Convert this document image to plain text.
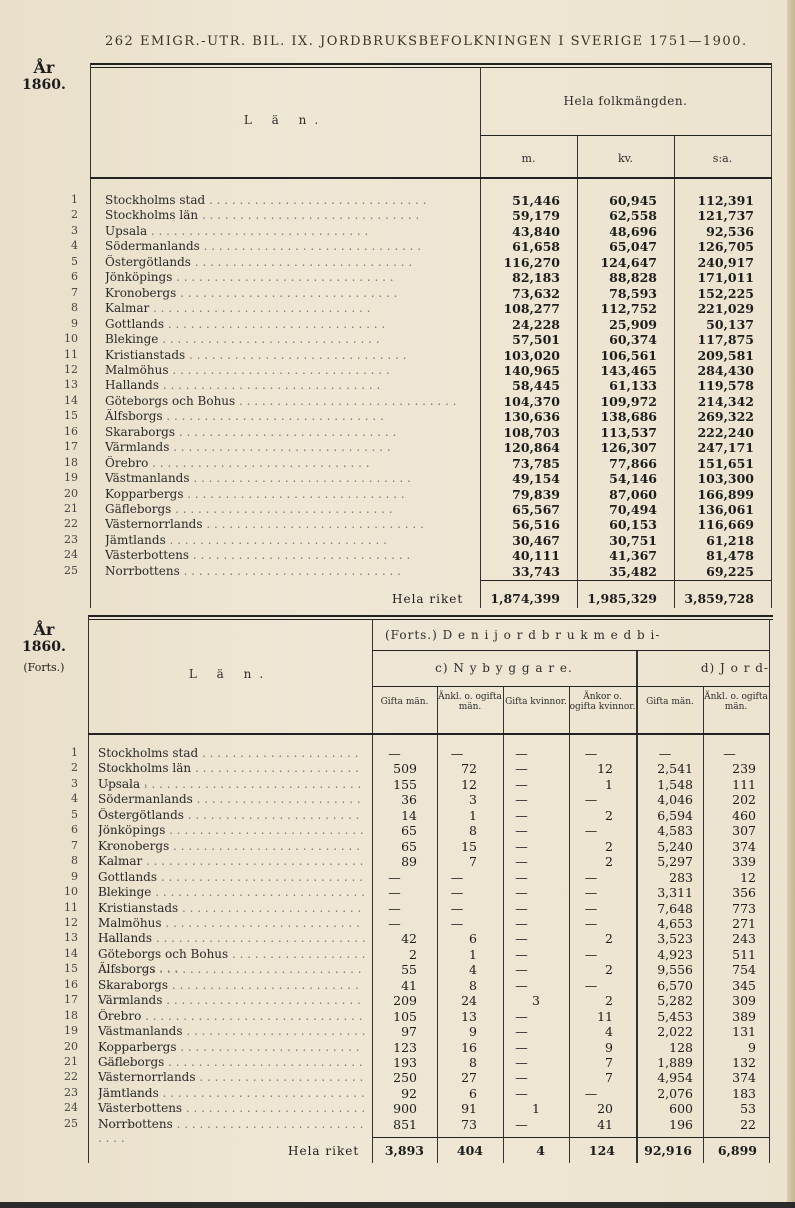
262 EMIGR.-UTR. BIL. IX. JORDBRUKSBEFOLKNINGEN I SVERIGE 1751—1900.
År
1860.
L ä n.
Hela folkmängden.
m.	kv.	s:a.
1 Stockholms stad . . .	51,446	60,945	112,391
2 Stockholms län . . .	59,179	62,558	121,737
3 Upsala . . .	43,840	48,696	92,536
4 Södermanlands . . .	61,658	65,047	126,705
5 Östergötlands . . .	116,270	124,647	240,917
6 Jönköpings . . .	82,183	88,828	171,011
7 Kronobergs . . .	73,632	78,593	152,225
8 Kalmar . . .	108,277	112,752	221,029
9 Gottlands . . .	24,228	25,909	50,137
10 Blekinge . . .	57,501	60,374	117,875
11 Kristianstads . . .	103,020	106,561	209,581
12 Malmöhus . . .	140,965	143,465	284,430
13 Hallands . . .	58,445	61,133	119,578
14 Göteborgs och Bohus . . .	104,370	109,972	214,342
15 Älfsborgs . . .	130,636	138,686	269,322
16 Skaraborgs . . .	108,703	113,537	222,240
17 Värmlands . . .	120,864	126,307	247,171
18 Örebro . . .	73,785	77,866	151,651
19 Västmanlands . . .	49,154	54,146	103,300
20 Kopparbergs . . .	79,839	87,060	166,899
21 Gäfleborgs . . .	65,567	70,494	136,061
22 Västernorrlands . . .	56,516	60,153	116,669
23 Jämtlands . . .	30,467	30,751	61,218
24 Västerbottens . . .	40,111	41,367	81,478
25 Norrbottens . . .	33,743	35,482	69,225
Hela riket	1,874,399	1,985,329	3,859,728
År
1860.
(Forts.)	L ä n.
(Forts.) D e n i j o r d b r u k m e d b i-
c) N y b y g g a r e.	d) J o r d-
Gifta män.	Änkl. o. ogifta män.	Gifta kvinnor.	Änkor o. ogifta kvinnor.	Gifta män.	Änkl. o. ogifta män.
1 Stockholms stad . . .	—	—	—	—	—	—
2 Stockholms län . . .	509	72	—	12	2,541	239
3 Upsala . . .	155	12	—	1	1,548	111
4 Södermanlands . . .	36	3	—	—	4,046	202
5 Östergötlands . . .	14	1	—	2	6,594	460
6 Jönköpings . . .	65	8	—	—	4,583	307
7 Kronobergs . . .	65	15	—	2	5,240	374
8 Kalmar . . .	89	7	—	2	5,297	339
9 Gottlands . . .	—	—	—	—	283	12
10 Blekinge . . .	—	—	—	—	3,311	356
11 Kristianstads . . .	—	—	—	—	7,648	773
12 Malmöhus . . .	—	—	—	—	4,653	271
13 Hallands . . .	42	6	—	2	3,523	243
14 Göteborgs och Bohus . . .	2	1	—	—	4,923	511
15 Älfsborgs . . .	55	4	—	2	9,556	754
16 Skaraborgs . . .	41	8	—	—	6,570	345
17 Värmlands . . .	209	24	3	2	5,282	309
18 Örebro . . .	105	13	—	11	5,453	389
19 Västmanlands . . .	97	9	—	4	2,022	131
20 Kopparbergs . . .	123	16	—	9	128	9
21 Gäfleborgs . . .	193	8	—	7	1,889	132
22 Västernorrlands . . .	250	27	—	7	4,954	374
23 Jämtlands . . .	92	6	—	—	2,076	183
24 Västerbottens . . .	900	91	1	20	600	53
25 Norrbottens . . .	851	73	—	41	196	22
Hela riket	3,893	404	4	124	92,916	6,899
